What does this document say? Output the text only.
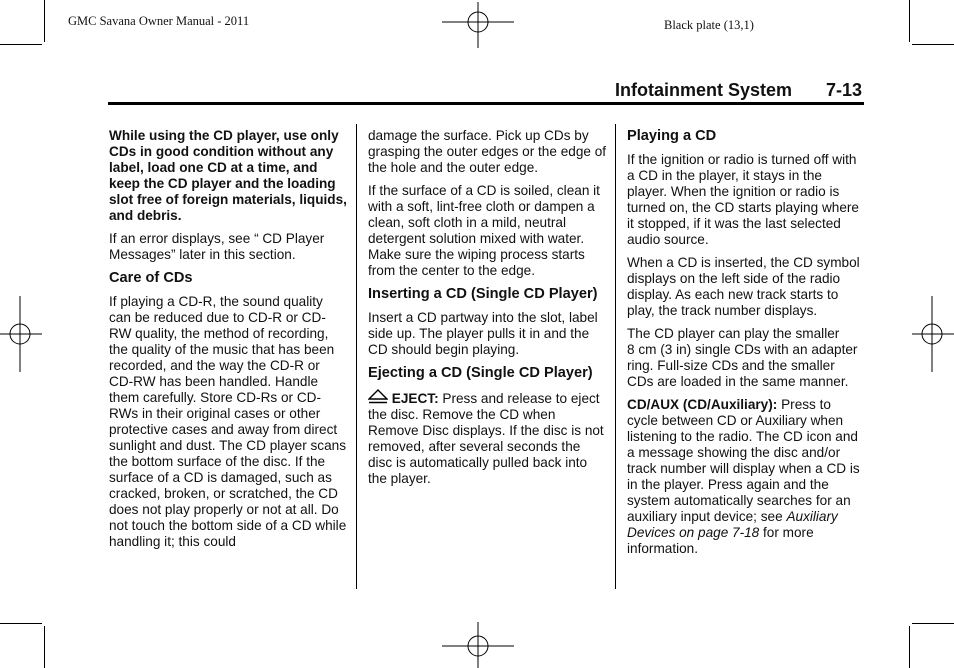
GMC Savana Owner Manual - 2011	Black plate (13,1)
Infotainment System 7-13

While using the CD player, use only CDs in good condition without any label, load one CD at a time, and keep the CD player and the loading slot free of foreign materials, liquids, and debris.

If an error displays, see “ CD Player Messages” later in this section.

Care of CDs

If playing a CD-R, the sound quality can be reduced due to CD-R or CD-RW quality, the method of recording, the quality of the music that has been recorded, and the way the CD-R or CD-RW has been handled. Handle them carefully. Store CD-Rs or CD-RWs in their original cases or other protective cases and away from direct sunlight and dust. The CD player scans the bottom surface of the disc. If the surface of a CD is damaged, such as cracked, broken, or scratched, the CD does not play properly or not at all. Do not touch the bottom side of a CD while handling it; this could

damage the surface. Pick up CDs by grasping the outer edges or the edge of the hole and the outer edge.

If the surface of a CD is soiled, clean it with a soft, lint-free cloth or dampen a clean, soft cloth in a mild, neutral detergent solution mixed with water. Make sure the wiping process starts from the center to the edge.

Inserting a CD (Single CD Player)

Insert a CD partway into the slot, label side up. The player pulls it in and the CD should begin playing.

Ejecting a CD (Single CD Player)

EJECT: Press and release to eject the disc. Remove the CD when Remove Disc displays. If the disc is not removed, after several seconds the disc is automatically pulled back into the player.

Playing a CD

If the ignition or radio is turned off with a CD in the player, it stays in the player. When the ignition or radio is turned on, the CD starts playing where it stopped, if it was the last selected audio source.

When a CD is inserted, the CD symbol displays on the left side of the radio display. As each new track starts to play, the track number displays.

The CD player can play the smaller 8 cm (3 in) single CDs with an adapter ring. Full-size CDs and the smaller CDs are loaded in the same manner.

CD/AUX (CD/Auxiliary): Press to cycle between CD or Auxiliary when listening to the radio. The CD icon and a message showing the disc and/or track number will display when a CD is in the player. Press again and the system automatically searches for an auxiliary input device; see Auxiliary Devices on page 7-18 for more information.
